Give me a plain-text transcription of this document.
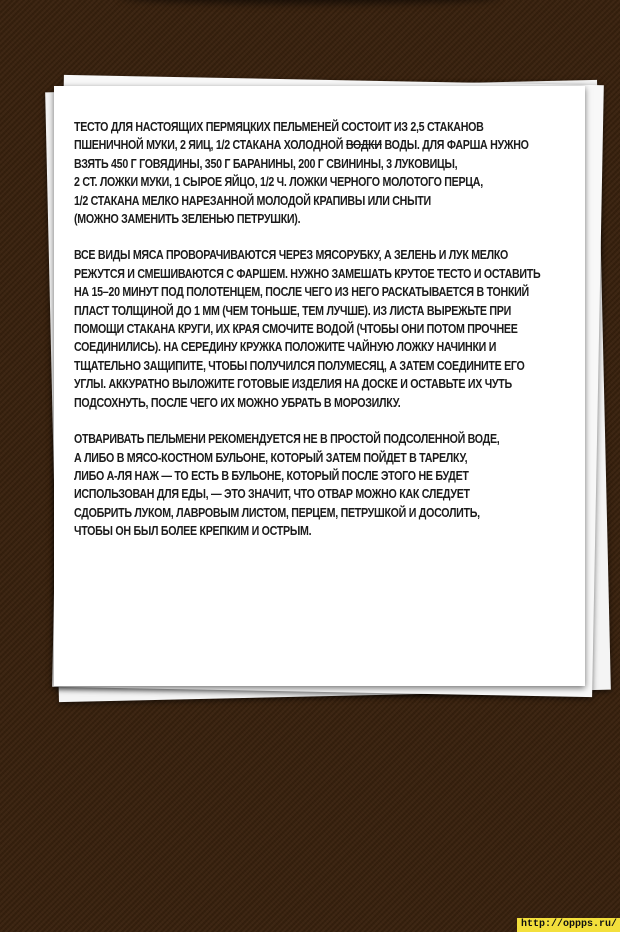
ТЕСТО ДЛЯ НАСТОЯЩИХ ПЕРМЯЦКИХ ПЕЛЬМЕНЕЙ СОСТОИТ ИЗ 2,5 СТАКАНОВ
ПШЕНИЧНОЙ МУКИ, 2 ЯИЦ, 1/2 СТАКАНА ХОЛОДНОЙ ВОДКИ ВОДЫ. ДЛЯ ФАРША НУЖНО
ВЗЯТЬ 450 Г ГОВЯДИНЫ, 350 Г БАРАНИНЫ, 200 Г СВИНИНЫ, 3 ЛУКОВИЦЫ,
2 СТ. ЛОЖКИ МУКИ, 1 СЫРОЕ ЯЙЦО, 1/2 Ч. ЛОЖКИ ЧЕРНОГО МОЛОТОГО ПЕРЦА,
1/2 СТАКАНА МЕЛКО НАРЕЗАННОЙ МОЛОДОЙ КРАПИВЫ ИЛИ СНЫТИ
(МОЖНО ЗАМЕНИТЬ ЗЕЛЕНЬЮ ПЕТРУШКИ).

ВСЕ ВИДЫ МЯСА ПРОВОРАЧИВАЮТСЯ ЧЕРЕЗ МЯСОРУБКУ, А ЗЕЛЕНЬ И ЛУК МЕЛКО
РЕЖУТСЯ И СМЕШИВАЮТСЯ С ФАРШЕМ. НУЖНО ЗАМЕШАТЬ КРУТОЕ ТЕСТО И ОСТАВИТЬ
НА 15–20 МИНУТ ПОД ПОЛОТЕНЦЕМ, ПОСЛЕ ЧЕГО ИЗ НЕГО РАСКАТЫВАЕТСЯ В ТОНКИЙ
ПЛАСТ ТОЛЩИНОЙ ДО 1 ММ (ЧЕМ ТОНЬШЕ, ТЕМ ЛУЧШЕ). ИЗ ЛИСТА ВЫРЕЖЬТЕ ПРИ
ПОМОЩИ СТАКАНА КРУГИ, ИХ КРАЯ СМОЧИТЕ ВОДОЙ (ЧТОБЫ ОНИ ПОТОМ ПРОЧНЕЕ
СОЕДИНИЛИСЬ). НА СЕРЕДИНУ КРУЖКА ПОЛОЖИТЕ ЧАЙНУЮ ЛОЖКУ НАЧИНКИ И
ТЩАТЕЛЬНО ЗАЩИПИТЕ, ЧТОБЫ ПОЛУЧИЛСЯ ПОЛУМЕСЯЦ, А ЗАТЕМ СОЕДИНИТЕ ЕГО
УГЛЫ. АККУРАТНО ВЫЛОЖИТЕ ГОТОВЫЕ ИЗДЕЛИЯ НА ДОСКЕ И ОСТАВЬТЕ ИХ ЧУТЬ
ПОДСОХНУТЬ, ПОСЛЕ ЧЕГО ИХ МОЖНО УБРАТЬ В МОРОЗИЛКУ.

ОТВАРИВАТЬ ПЕЛЬМЕНИ РЕКОМЕНДУЕТСЯ НЕ В ПРОСТОЙ ПОДСОЛЕННОЙ ВОДЕ,
А ЛИБО В МЯСО-КОСТНОМ БУЛЬОНЕ, КОТОРЫЙ ЗАТЕМ ПОЙДЕТ В ТАРЕЛКУ,
ЛИБО А-ЛЯ НАЖ — ТО ЕСТЬ В БУЛЬОНЕ, КОТОРЫЙ ПОСЛЕ ЭТОГО НЕ БУДЕТ
ИСПОЛЬЗОВАН ДЛЯ ЕДЫ, — ЭТО ЗНАЧИТ, ЧТО ОТВАР МОЖНО КАК СЛЕДУЕТ
СДОБРИТЬ ЛУКОМ, ЛАВРОВЫМ ЛИСТОМ, ПЕРЦЕМ, ПЕТРУШКОЙ И ДОСОЛИТЬ,
ЧТОБЫ ОН БЫЛ БОЛЕЕ КРЕПКИМ И ОСТРЫМ.

http://oppps.ru/
